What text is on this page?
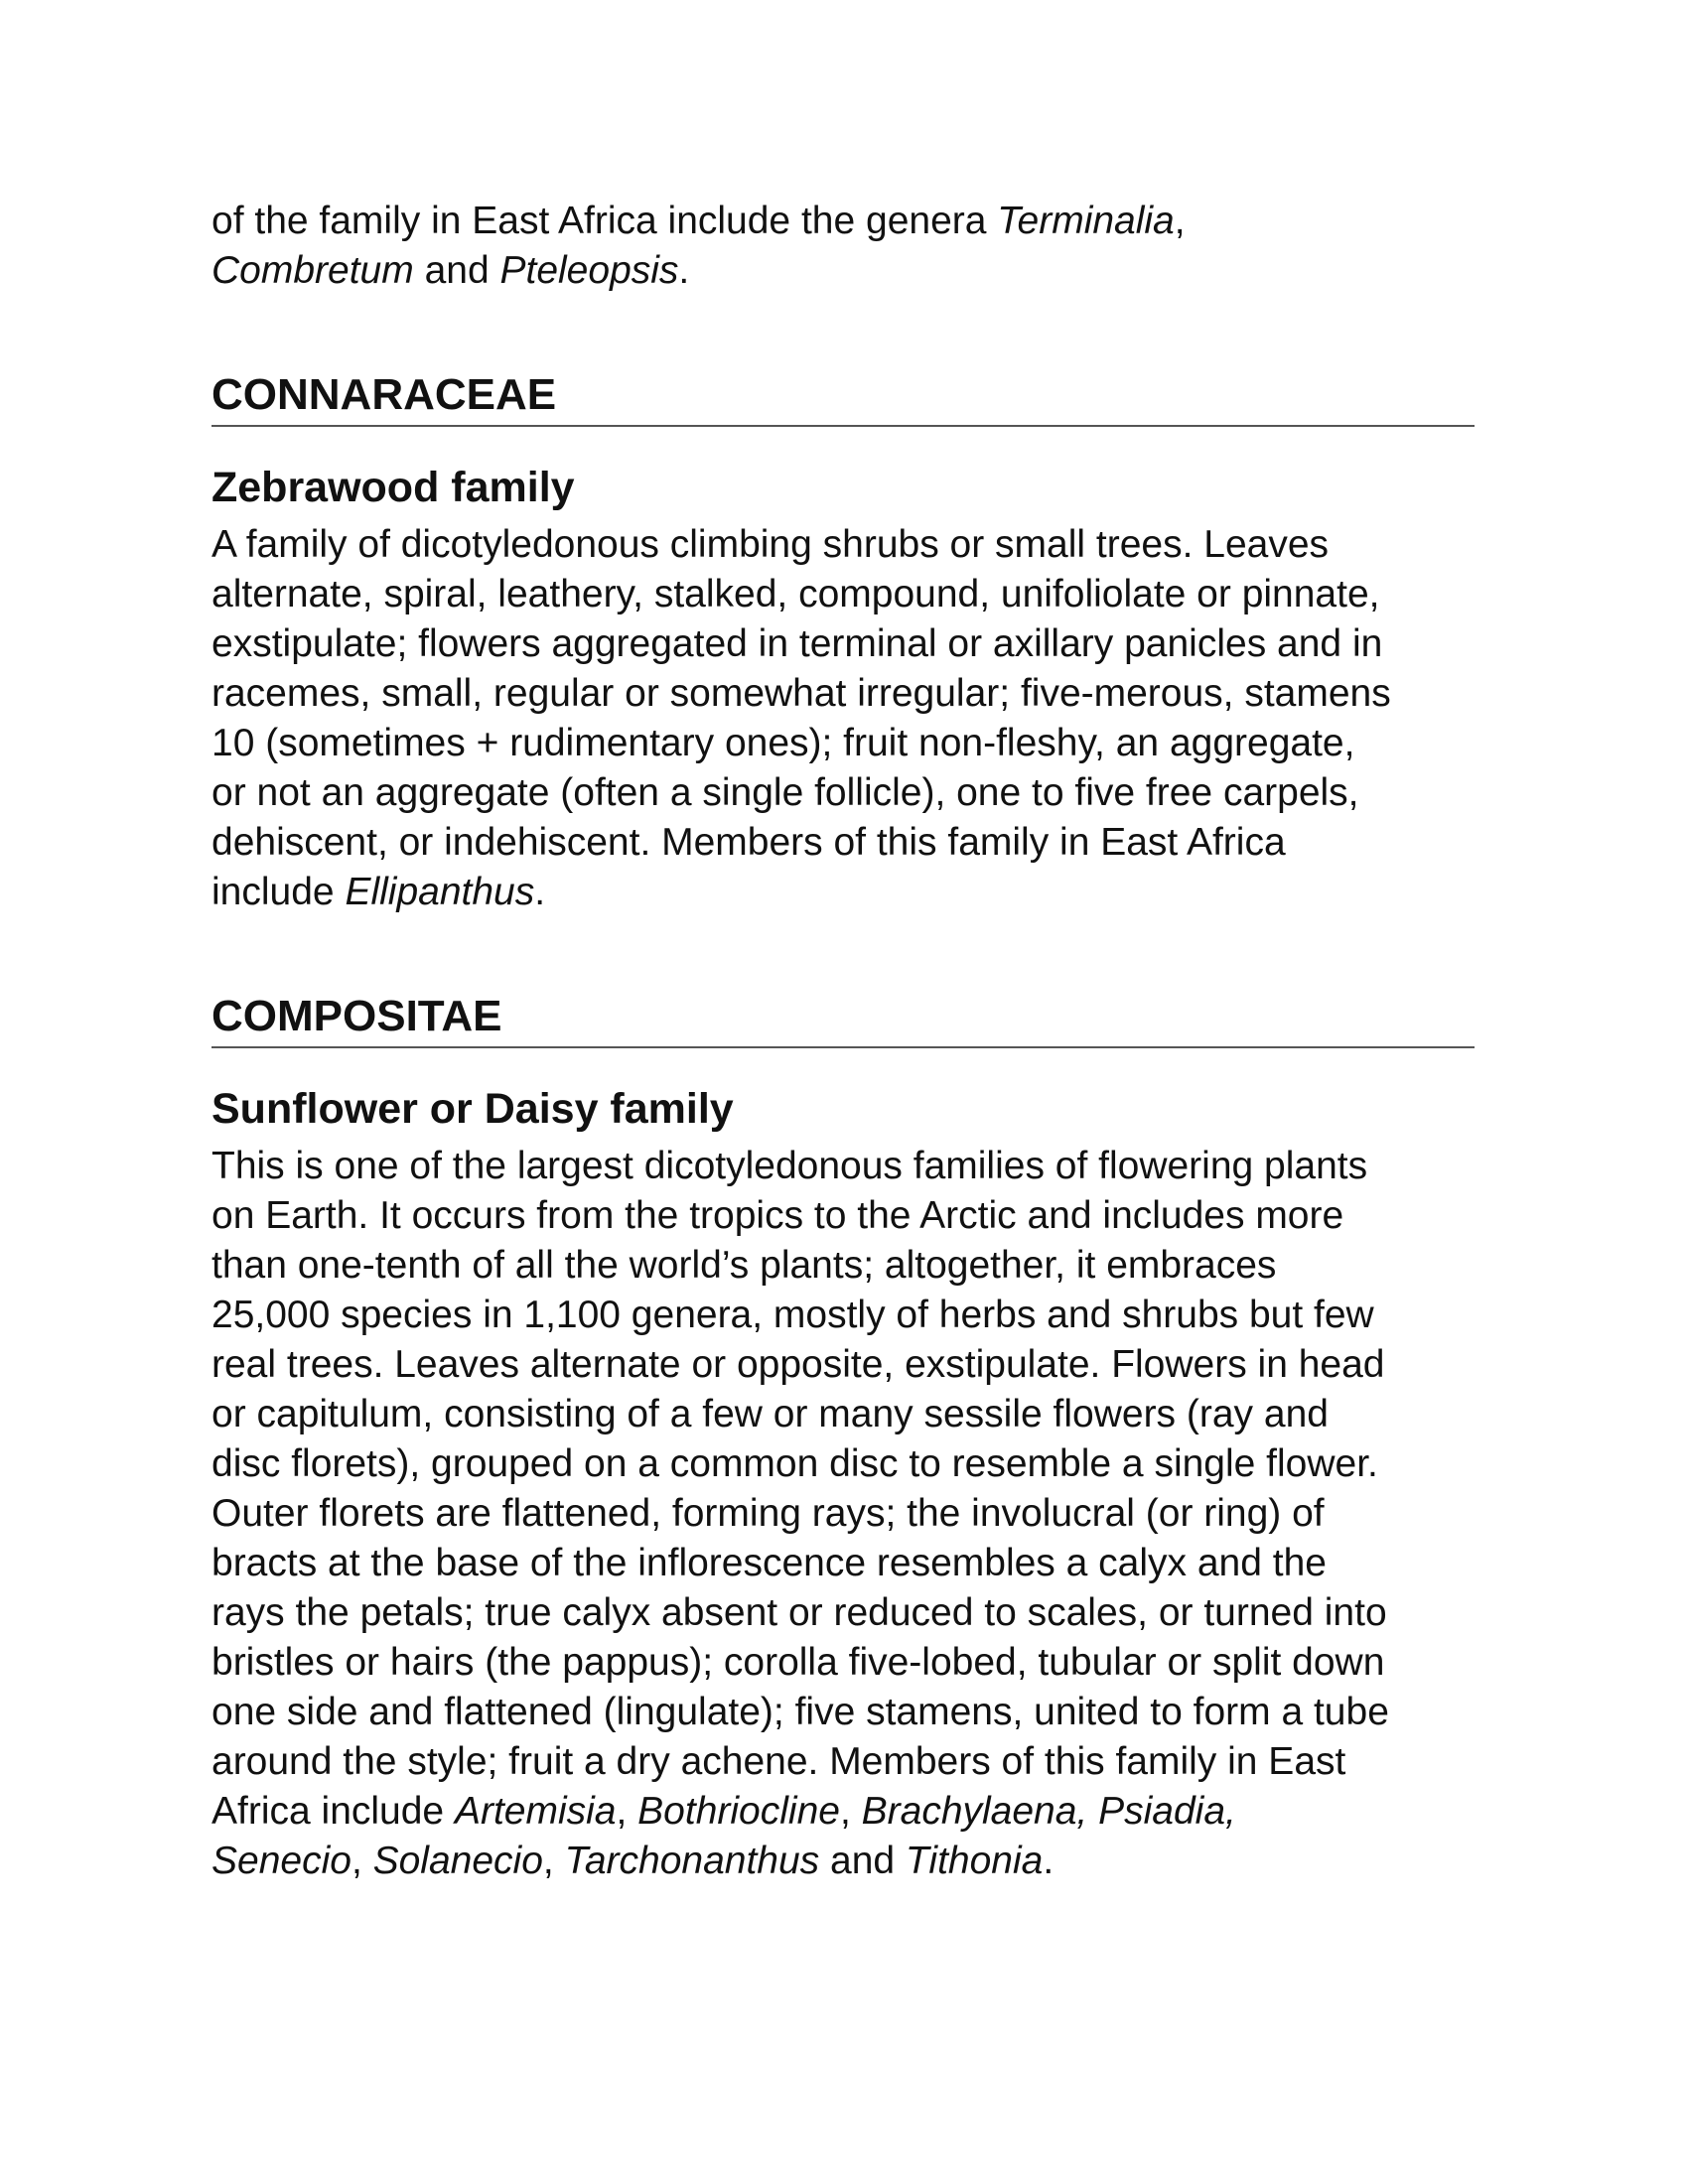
of the family in East Africa include the genera Terminalia,
Combretum and Pteleopsis.

CONNARACEAE
Zebrawood family

A family of dicotyledonous climbing shrubs or small trees. Leaves
alternate, spiral, leathery, stalked, compound, unifoliolate or pinnate,
exstipulate; flowers aggregated in terminal or axillary panicles and in
racemes, small, regular or somewhat irregular; five-merous, stamens
10 (sometimes + rudimentary ones); fruit non-fleshy, an aggregate,
or not an aggregate (often a single follicle), one to five free carpels,
dehiscent, or indehiscent. Members of this family in East Africa
include Ellipanthus.

COMPOSITAE
Sunflower or Daisy family

This is one of the largest dicotyledonous families of flowering plants
on Earth. It occurs from the tropics to the Arctic and includes more
than one-tenth of all the world’s plants; altogether, it embraces
25,000 species in 1,100 genera, mostly of herbs and shrubs but few
real trees. Leaves alternate or opposite, exstipulate. Flowers in head
or capitulum, consisting of a few or many sessile flowers (ray and
disc florets), grouped on a common disc to resemble a single flower.
Outer florets are flattened, forming rays; the involucral (or ring) of
bracts at the base of the inflorescence resembles a calyx and the
rays the petals; true calyx absent or reduced to scales, or turned into
bristles or hairs (the pappus); corolla five-lobed, tubular or split down
one side and flattened (lingulate); five stamens, united to form a tube
around the style; fruit a dry achene. Members of this family in East
Africa include Artemisia, Bothriocline, Brachylaena, Psiadia,
Senecio, Solanecio, Tarchonanthus and Tithonia.
